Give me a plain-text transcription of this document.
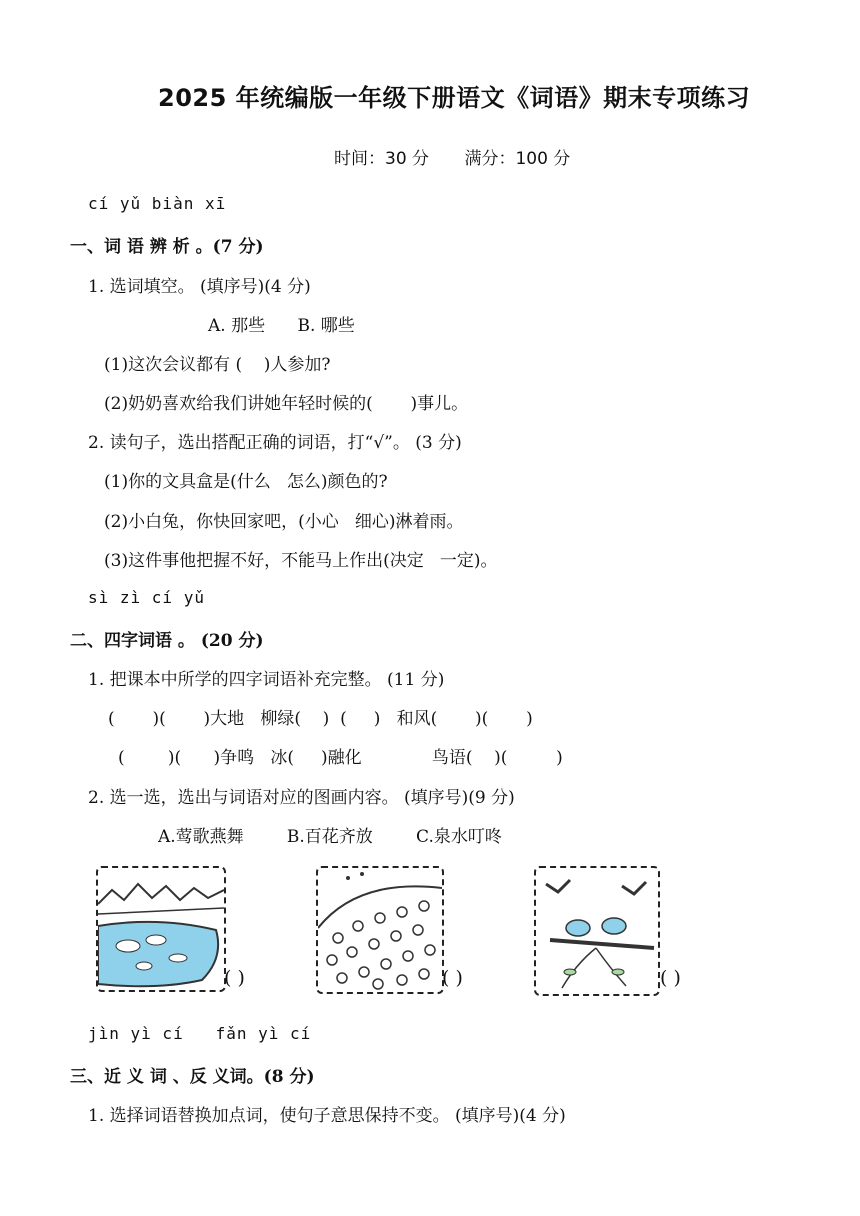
2025 年统编版一年级下册语文《词语》期末专项练习
时间：30 分 满分：100 分
cí yǔ biàn xī
一、词 语 辨 析 。(7 分)
1. 选词填空。 (填序号)(4 分)
A. 那些      B. 哪些
(1)这次会议都有 (    )人参加?
(2)奶奶喜欢给我们讲她年轻时候的(       )事儿。
2. 读句子，选出搭配正确的词语，打“√”。 (3 分)
(1)你的文具盒是(什么   怎么)颜色的?
(2)小白兔，你快回家吧，(小心   细心)淋着雨。
(3)这件事他把握不好，不能马上作出(决定   一定)。
sì zì cí yǔ
二、四字词语 。 (20 分)
1. 把课本中所学的四字词语补充完整。 (11 分)
(       )(       )大地   柳绿(    )  (     )   和风(       )(       )
(        )(      )争鸣   冰(     )融化             鸟语(    )(         )
2. 选一选，选出与词语对应的图画内容。 (填序号)(9 分)
A.莺歌燕舞        B.百花齐放        C.泉水叮咚
( )	( )	( )
jìn yì cí   fǎn yì cí
三、近 义 词 、反 义词。(8 分)
1. 选择词语替换加点词，使句子意思保持不变。 (填序号)(4 分)
